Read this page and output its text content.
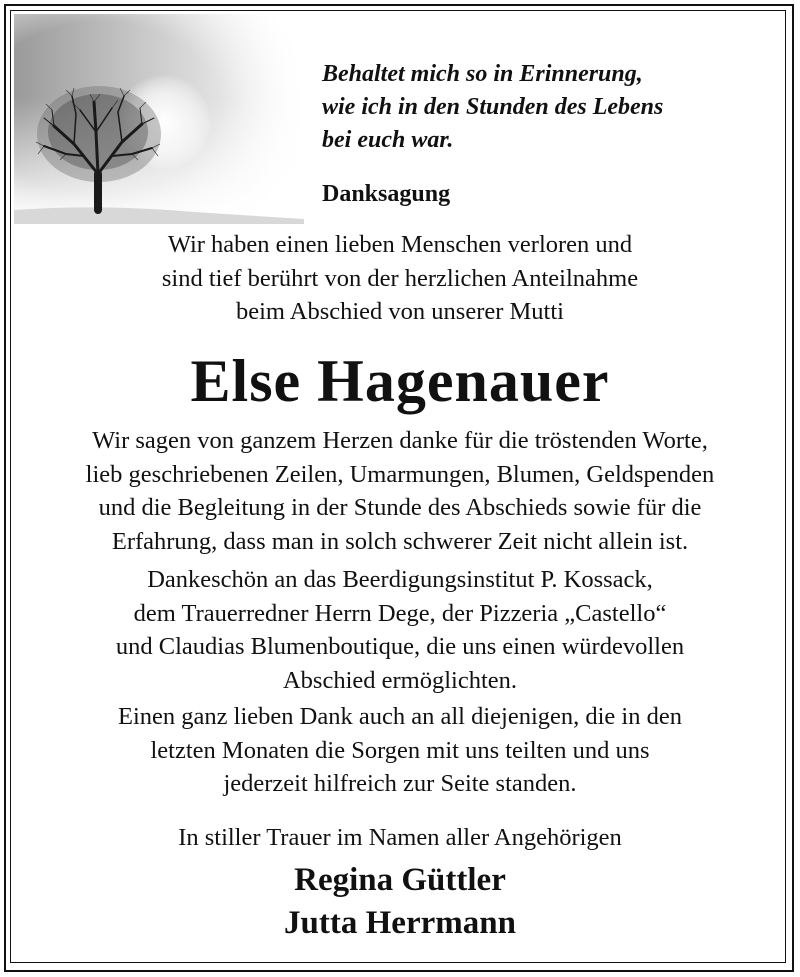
Behaltet mich so in Erinnerung,
wie ich in den Stunden des Lebens
bei euch war.
Danksagung
Wir haben einen lieben Menschen verloren und
sind tief berührt von der herzlichen Anteilnahme
beim Abschied von unserer Mutti
Else Hagenauer
Wir sagen von ganzem Herzen danke für die tröstenden Worte,
lieb geschriebenen Zeilen, Umarmungen, Blumen, Geldspenden
und die Begleitung in der Stunde des Abschieds sowie für die
Erfahrung, dass man in solch schwerer Zeit nicht allein ist.
Dankeschön an das Beerdigungsinstitut P. Kossack,
dem Trauerredner Herrn Dege, der Pizzeria „Castello“
und Claudias Blumenboutique, die uns einen würdevollen
Abschied ermöglichten.
Einen ganz lieben Dank auch an all diejenigen, die in den
letzten Monaten die Sorgen mit uns teilten und uns
jederzeit hilfreich zur Seite standen.
In stiller Trauer im Namen aller Angehörigen
Regina Güttler
Jutta Herrmann
